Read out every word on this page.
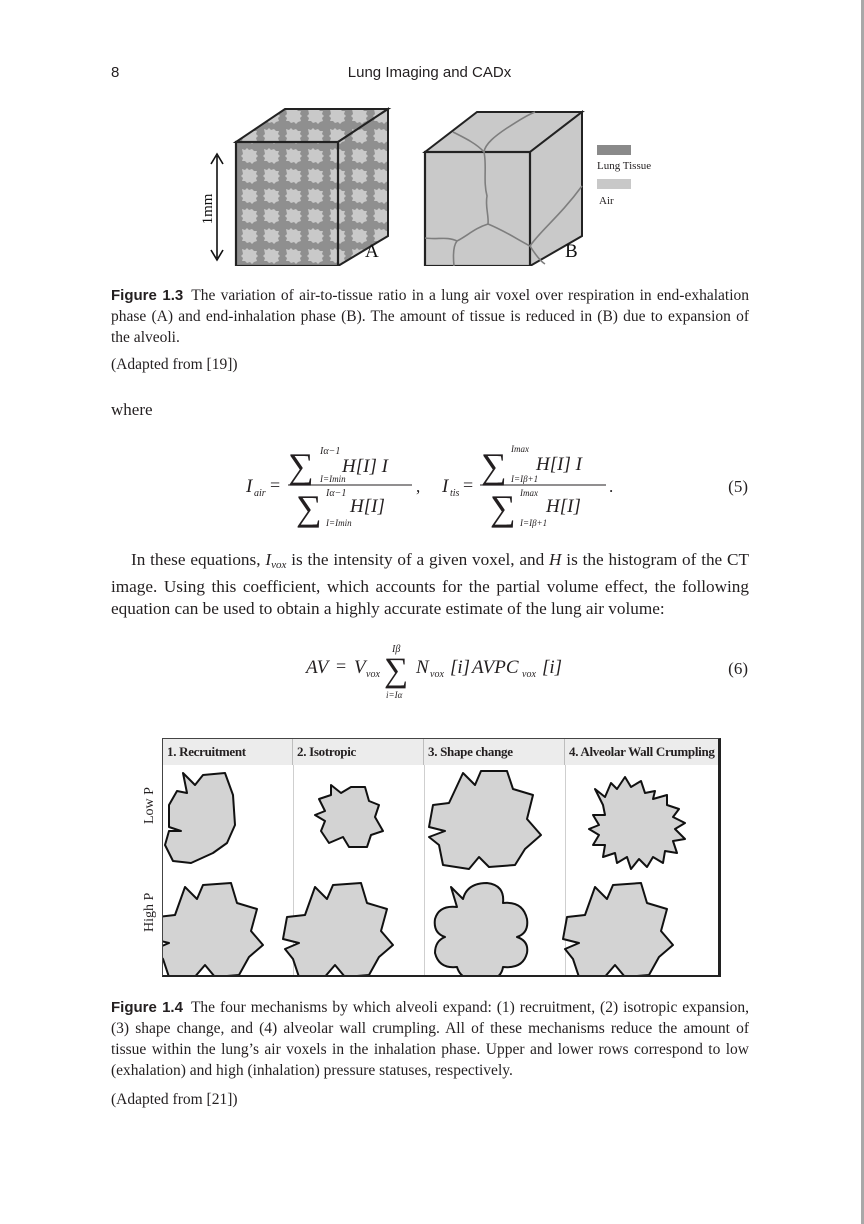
8	Lung Imaging and CADx
1mm
A	B
Lung Tissue
Air
Figure 1.3 The variation of air-to-tissue ratio in a lung air voxel over respiration in end-exhalation phase (A) and end-inhalation phase (B). The amount of tissue is reduced in (B) due to expansion of the alveoli.
(Adapted from [19])
where
I air = ∑ Iα−1
I=Imin
H[I] I
∑ Iα−1
I=Imin
H[I]
, I tis = ∑ Imax
I=Iβ+1
H[I] I
∑ Imax
I=Iβ+1
H[I]
.	(5)

In these equations, $I_{vox}$ is the intensity of a given voxel, and H is the histogram of the CT image. Using this coefficient, which accounts for the partial volume effect, the following equation can be used to obtain a highly accurate estimate of the lung air volume:

AV = V vox ∑
Iβ
i=Iα
N vox [i] AVPC vox [i]	(6)
Low P
High P
1. Recruitment	2. Isotropic	3. Shape change	4. Alveolar Wall Crumpling
Figure 1.4 The four mechanisms by which alveoli expand: (1) recruitment, (2) isotropic expansion, (3) shape change, and (4) alveolar wall crumpling. All of these mechanisms reduce the amount of tissue within the lung’s air voxels in the inhalation phase. Upper and lower rows correspond to low (exhalation) and high (inhalation) pressure statuses, respectively.
(Adapted from [21])
